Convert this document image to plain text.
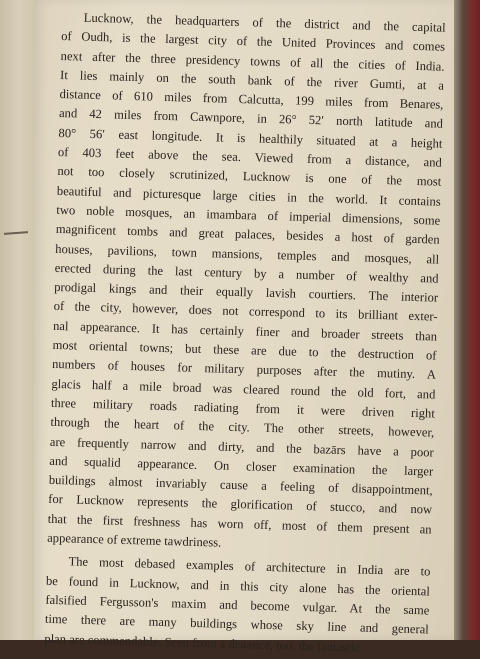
Lucknow, the headquarters of the district and the capital
of Oudh, is the largest city of the United Provinces and comes
next after the three presidency towns of all the cities of India.
It lies mainly on the south bank of the river Gumti, at a
distance of 610 miles from Calcutta, 199 miles from Benares,
and 42 miles from Cawnpore, in 26° 52′ north latitude and
80° 56′ east longitude. It is healthily situated at a height
of 403 feet above the sea. Viewed from a distance, and
not too closely scrutinized, Lucknow is one of the most
beautiful and picturesque large cities in the world. It contains
two noble mosques, an imambara of imperial dimensions, some
magnificent tombs and great palaces, besides a host of garden
houses, pavilions, town mansions, temples and mosques, all
erected during the last century by a number of wealthy and
prodigal kings and their equally lavish courtiers. The interior
of the city, however, does not correspond to its brilliant exter-
nal appearance. It has certainly finer and broader streets than
most oriental towns; but these are due to the destruction of
numbers of houses for military purposes after the mutiny. A
glacis half a mile broad was cleared round the old fort, and
three military roads radiating from it were driven right
through the heart of the city. The other streets, however,
are frequently narrow and dirty, and the bazārs have a poor
and squalid appearance. On closer examination the larger
buildings almost invariably cause a feeling of disappointment,
for Lucknow represents the glorification of stucco, and now
that the first freshness has worn off, most of them present an
appearance of extreme tawdriness.
The most debased examples of architecture in India are to
be found in Lucknow, and in this city alone has the oriental
falsified Fergusson's maxim and become vulgar. At the same
time there are many buildings whose sky line and general
plan are commendable. Seen from a distance, too, the fantastic
